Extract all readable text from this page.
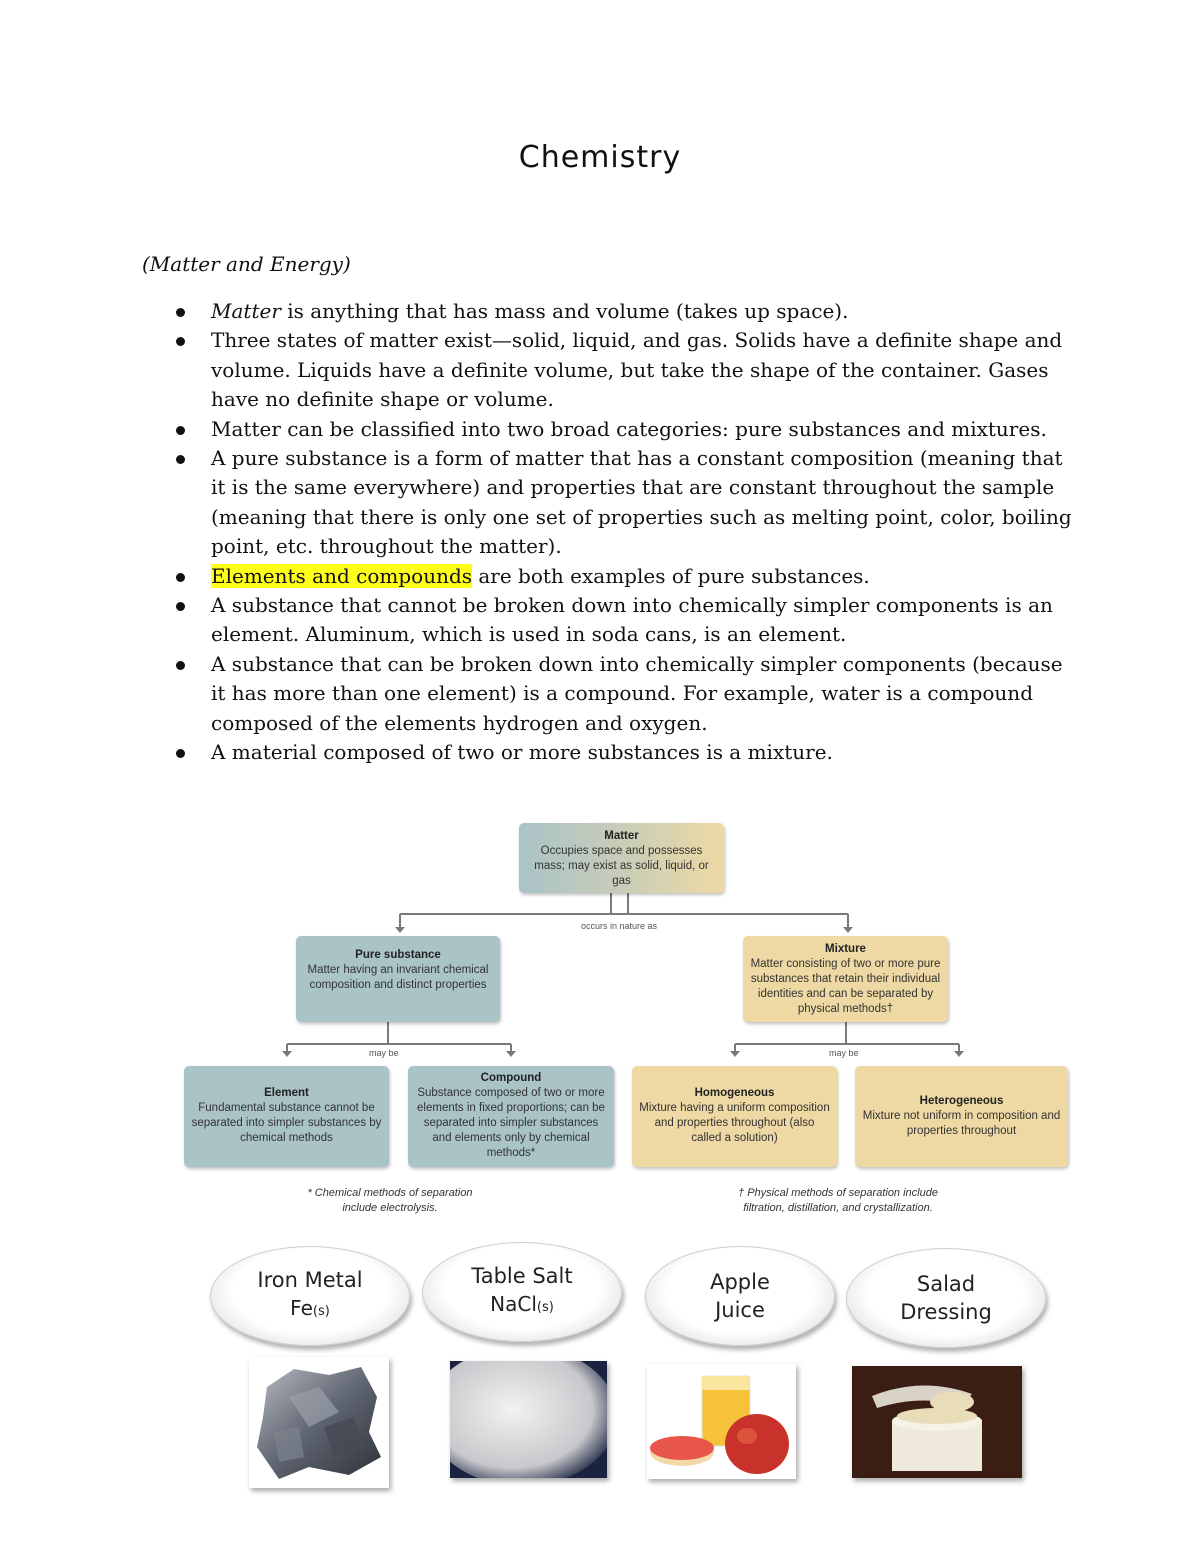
Chemistry
(Matter and Energy)
Matter is anything that has mass and volume (takes up space).
Three states of matter exist—solid, liquid, and gas. Solids have a definite shape and volume. Liquids have a definite volume, but take the shape of the container. Gases have no definite shape or volume.
Matter can be classified into two broad categories: pure substances and mixtures.
A pure substance is a form of matter that has a constant composition (meaning that it is the same everywhere) and properties that are constant throughout the sample (meaning that there is only one set of properties such as melting point, color, boiling point, etc. throughout the matter).
Elements and compounds are both examples of pure substances.
A substance that cannot be broken down into chemically simpler components is an element. Aluminum, which is used in soda cans, is an element.
A substance that can be broken down into chemically simpler components (because it has more than one element) is a compound. For example, water is a compound composed of the elements hydrogen and oxygen.
A material composed of two or more substances is a mixture.
Matter
Occupies space and possesses mass; may exist as solid, liquid, or gas
occurs in nature as
Pure substance
Matter having an invariant chemical composition and distinct properties
Mixture
Matter consisting of two or more pure substances that retain their individual identities and can be separated by physical methods†
may be	may be
Element
Fundamental substance cannot be separated into simpler substances by chemical methods
Compound
Substance composed of two or more elements in fixed proportions; can be separated into simpler substances and elements only by chemical methods*
Homogeneous
Mixture having a uniform composition and properties throughout (also called a solution)
Heterogeneous
Mixture not uniform in composition and properties throughout
* Chemical methods of separation include electrolysis.
† Physical methods of separation include filtration, distillation, and crystallization.
Iron Metal
Fe(s)
Table Salt
NaCl(s)
Apple
Juice
Salad
Dressing
